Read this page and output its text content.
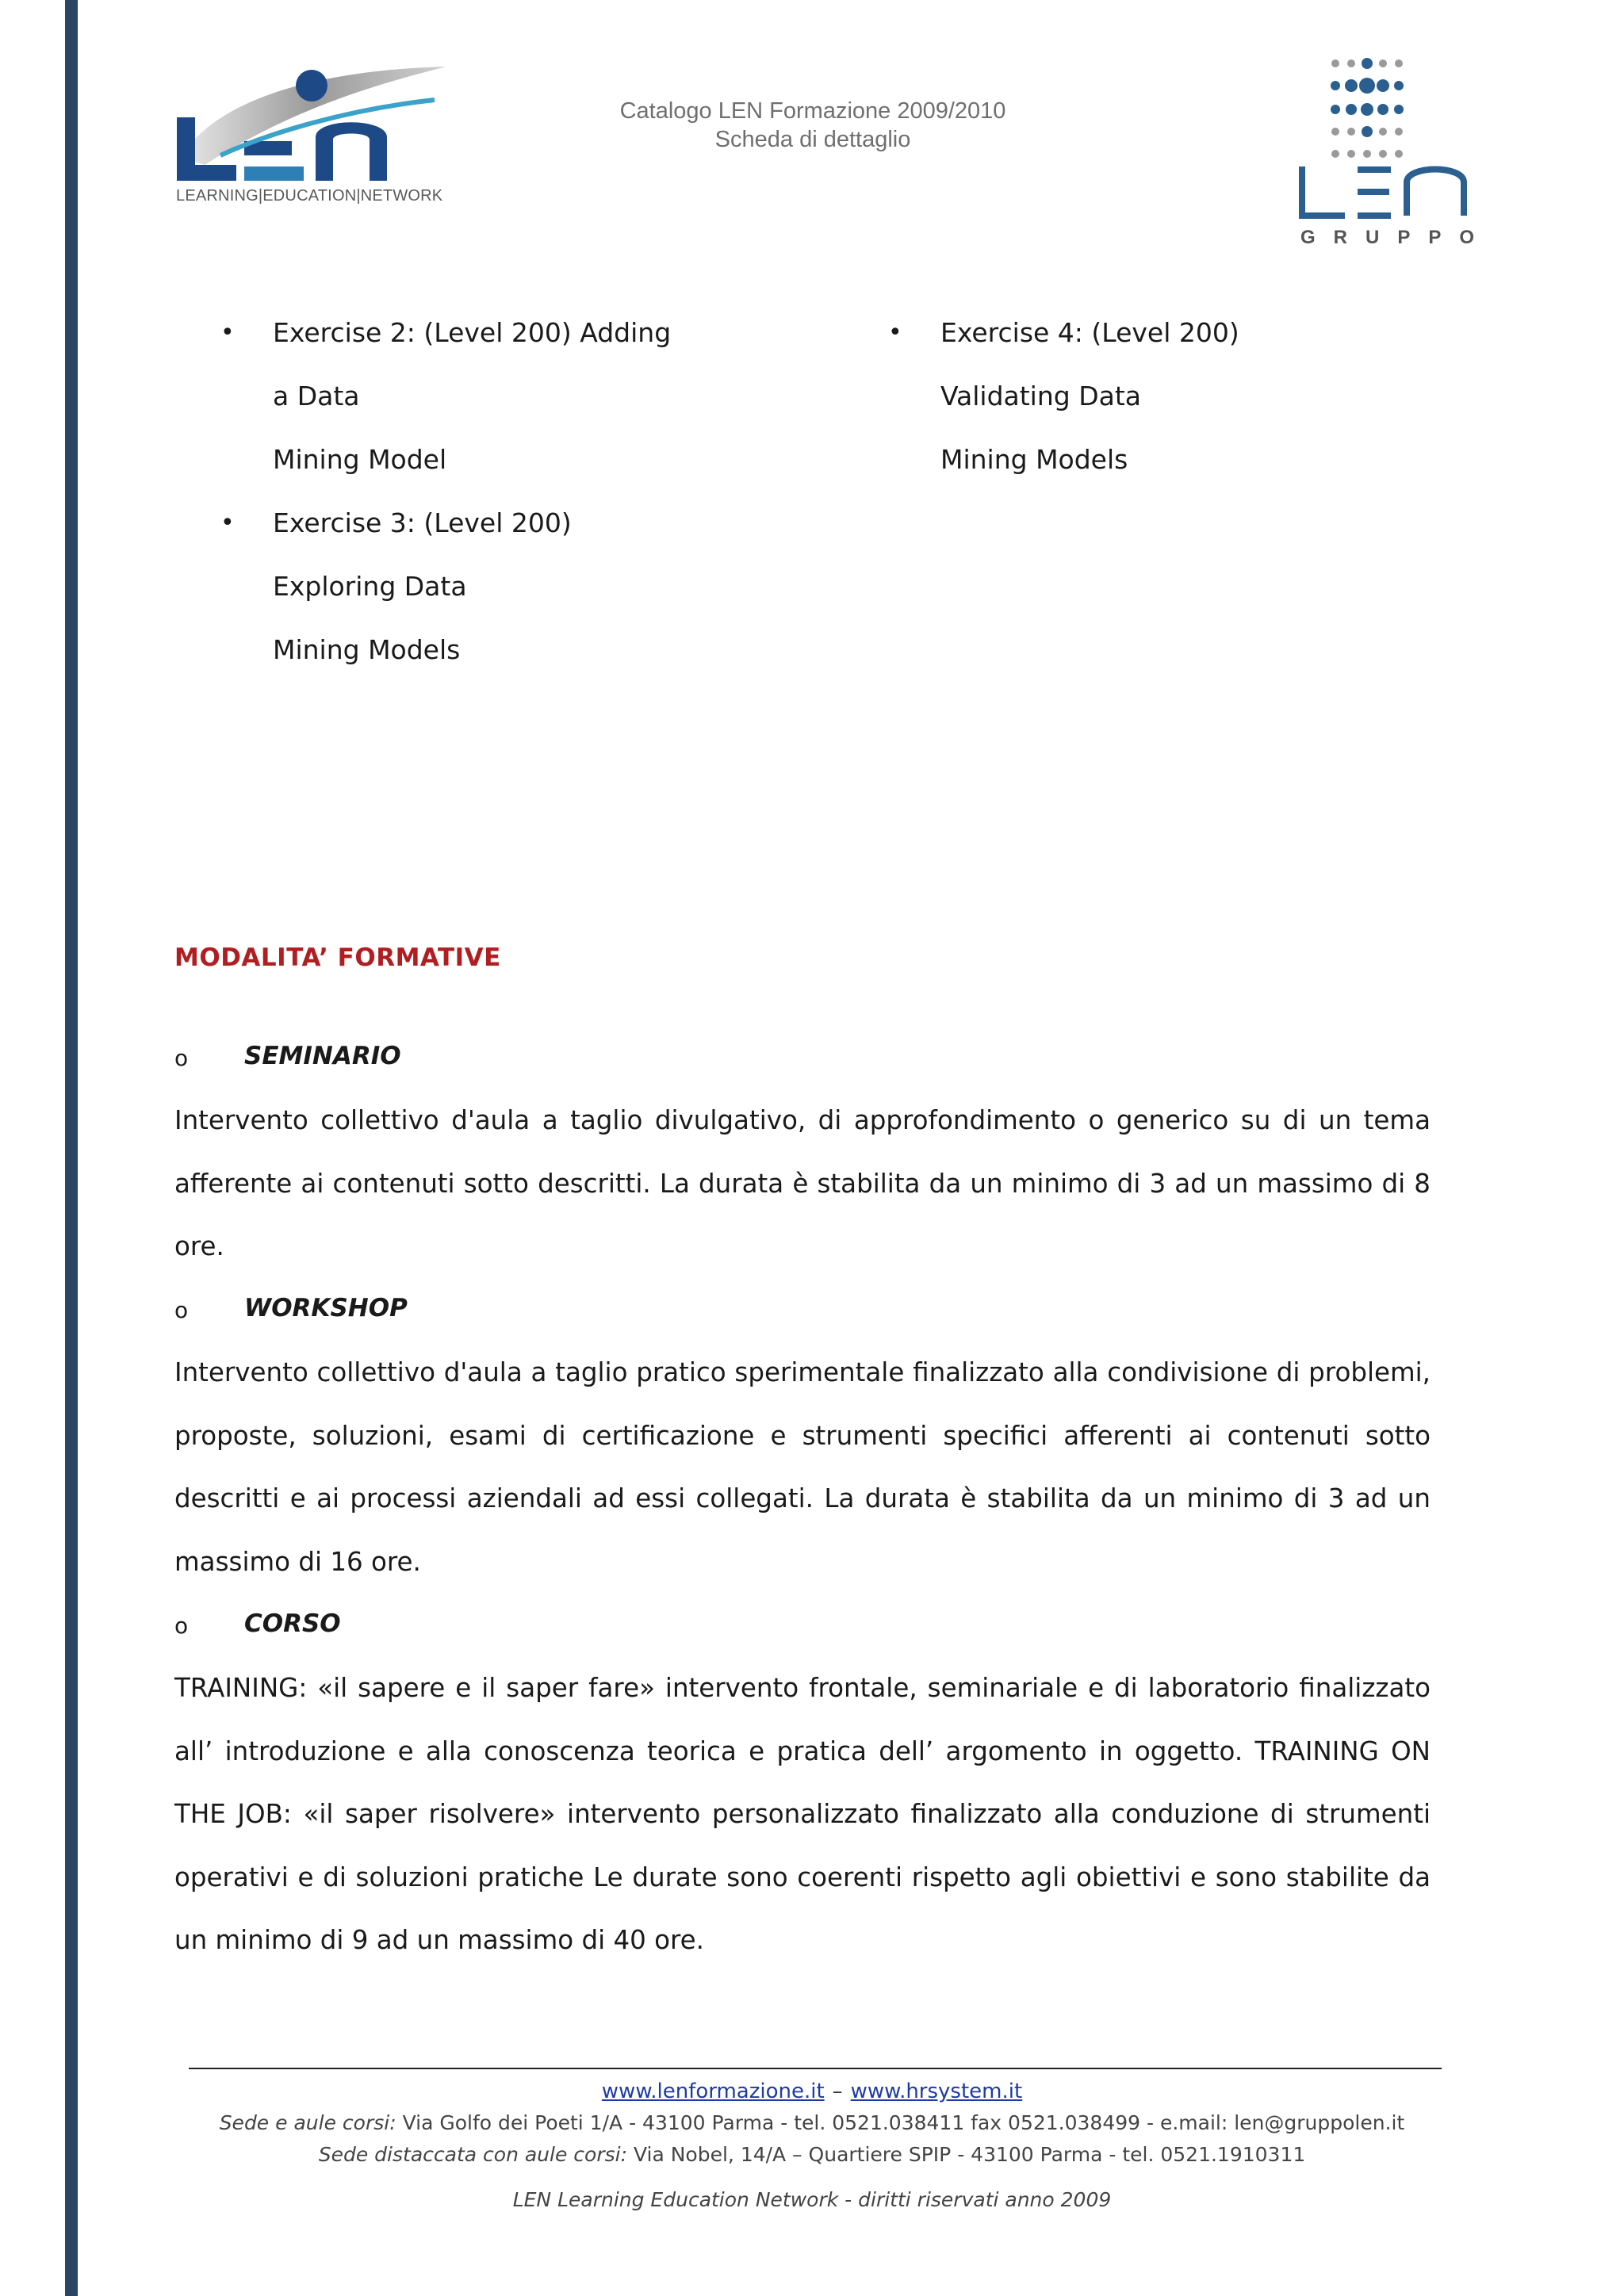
LEARNING|EDUCATION|NETWORK
Catalogo LEN Formazione 2009/2010
Scheda di dettaglio
GRUPPO
• Exercise 2: (Level 200) Adding a Data
Mining Model
• Exercise 3: (Level 200) Exploring Data
Mining Models
• Exercise 4: (Level 200) Validating Data
Mining Models
MODALITA’ FORMATIVE
o SEMINARIO
Intervento collettivo d'aula a taglio divulgativo, di approfondimento o generico su di un tema afferente ai contenuti sotto descritti. La durata è stabilita da un minimo di 3 ad un massimo di 8 ore.
o WORKSHOP
Intervento collettivo d'aula a taglio pratico sperimentale finalizzato alla condivisione di problemi, proposte, soluzioni, esami di certificazione e strumenti specifici afferenti ai contenuti sotto descritti e ai processi aziendali ad essi collegati. La durata è stabilita da un minimo di 3 ad un massimo di 16 ore.
o CORSO
TRAINING: «il sapere e il saper fare» intervento frontale, seminariale e di laboratorio finalizzato all’ introduzione e alla conoscenza teorica e pratica dell’ argomento in oggetto. TRAINING ON THE JOB: «il saper risolvere» intervento personalizzato finalizzato alla conduzione di strumenti operativi e di soluzioni pratiche Le durate sono coerenti rispetto agli obiettivi e sono stabilite da un minimo di 9 ad un massimo di 40 ore.
www.lenformazione.it – www.hrsystem.it
Sede e aule corsi: Via Golfo dei Poeti 1/A - 43100 Parma - tel. 0521.038411 fax 0521.038499 - e.mail: len@gruppolen.it
Sede distaccata con aule corsi: Via Nobel, 14/A – Quartiere SPIP - 43100 Parma - tel. 0521.1910311
LEN Learning Education Network - diritti riservati anno 2009
